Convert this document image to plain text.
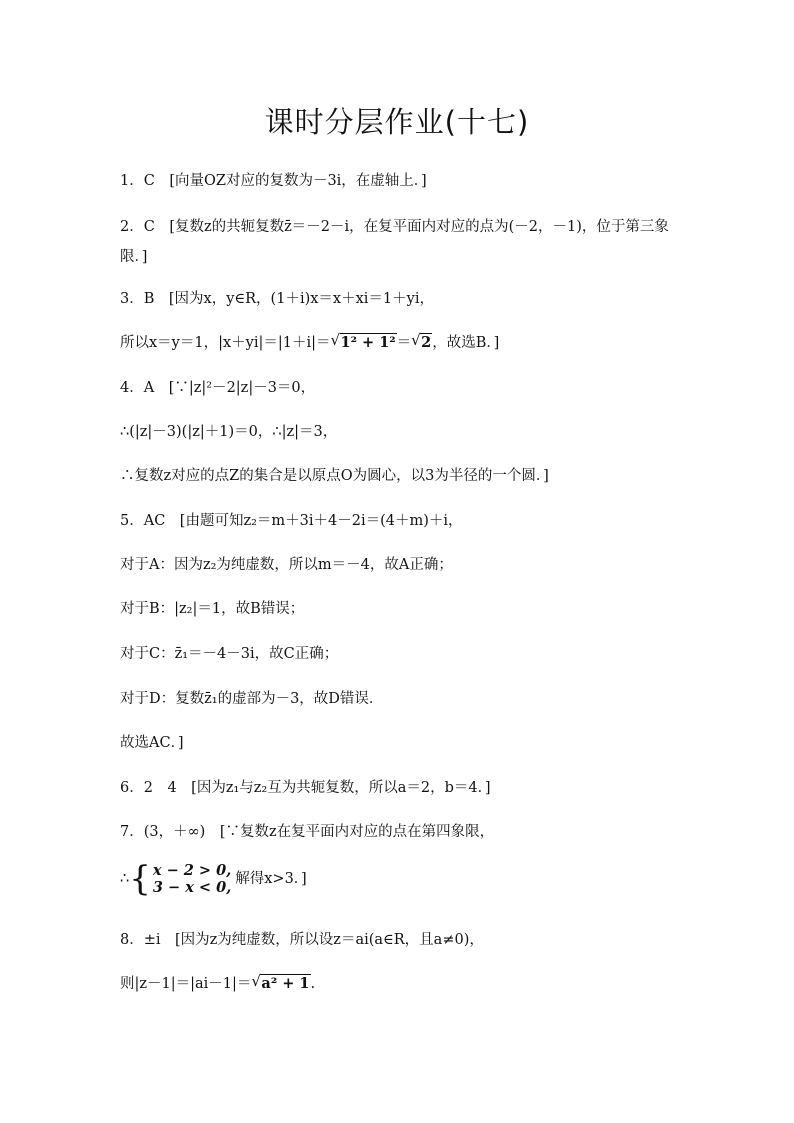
课时分层作业(十七)
1．C　[向量OZ对应的复数为－3i，在虚轴上．]
2．C　[复数z的共轭复数z̄＝－2－i，在复平面内对应的点为(－2，－1)，位于第三象限．]
3．B　[因为x，y∈R，(1＋i)x＝x＋xi＝1＋yi，
所以x＝y＝1，|x＋yi|＝|1＋i|＝ √ 1² + 1²＝ √ 2，故选B．]
4．A　[∵|z|²－2|z|－3＝0，
∴(|z|－3)(|z|＋1)＝0，∴|z|＝3，
∴复数z对应的点Z的集合是以原点O为圆心，以3为半径的一个圆．]
5．AC　[由题可知z₂＝m＋3i＋4－2i＝(4＋m)＋i，
对于A：因为z₂为纯虚数，所以m＝－4，故A正确；
对于B：|z₂|＝1，故B错误；
对于C：z̄₁＝－4－3i，故C正确；
对于D：复数z̄₁的虚部为－3，故D错误．
故选AC．]
6．2　4　[因为z₁与z₂互为共轭复数，所以a＝2，b＝4．]
7．(3，＋∞)　[∵复数z在复平面内对应的点在第四象限，
∴{ x − 2 > 0,
3 − x < 0, 解得x>3．]
8．±i　[因为z为纯虚数，所以设z＝ai(a∈R，且a≠0)，
则|z－1|＝|ai－1|＝ √ a² + 1.
